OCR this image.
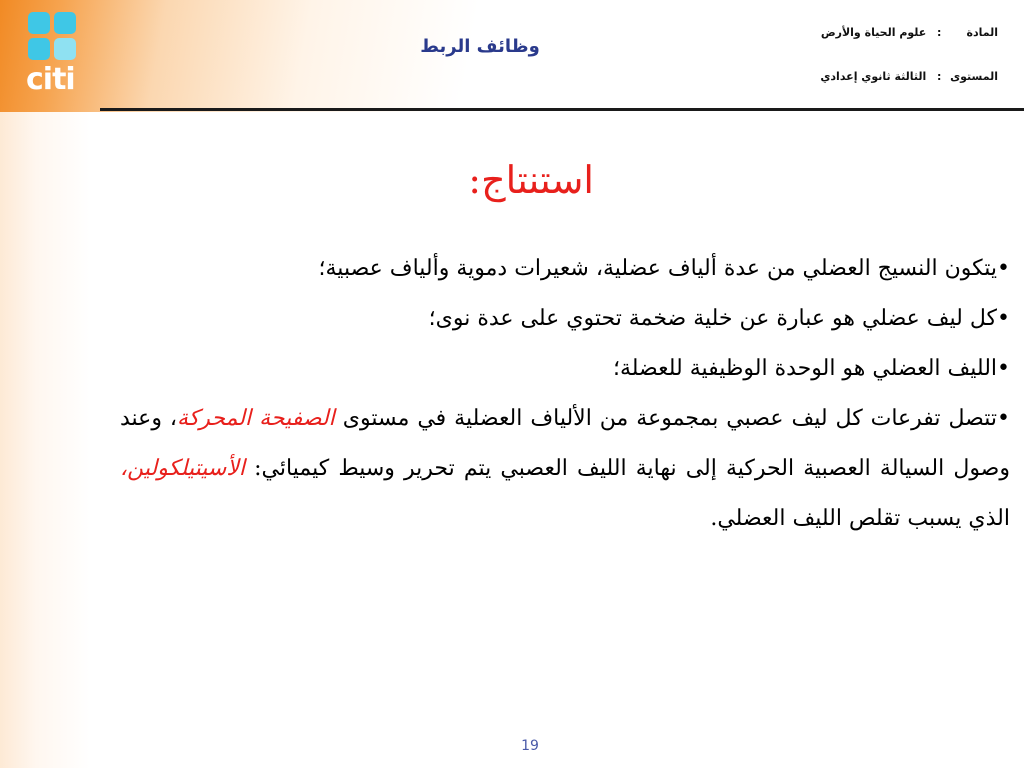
citi
وظائف الربط
المادة : علوم الحياة والأرض
المستوى : الثالثة ثانوي إعدادي
استنتاج:

•يتكون النسيج العضلي من عدة ألياف عضلية، شعيرات دموية وألياف عصبية؛

•كل ليف عضلي هو عبارة عن خلية ضخمة تحتوي على عدة نوى؛

•الليف العضلي هو الوحدة الوظيفية للعضلة؛

•تتصل تفرعات كل ليف عصبي بمجموعة من الألياف العضلية في مستوى الصفيحة المحركة، وعند وصول السيالة العصبية الحركية إلى نهاية الليف العصبي يتم تحرير وسيط كيميائي: الأسيتيلكولين، الذي يسبب تقلص الليف العضلي.

19
